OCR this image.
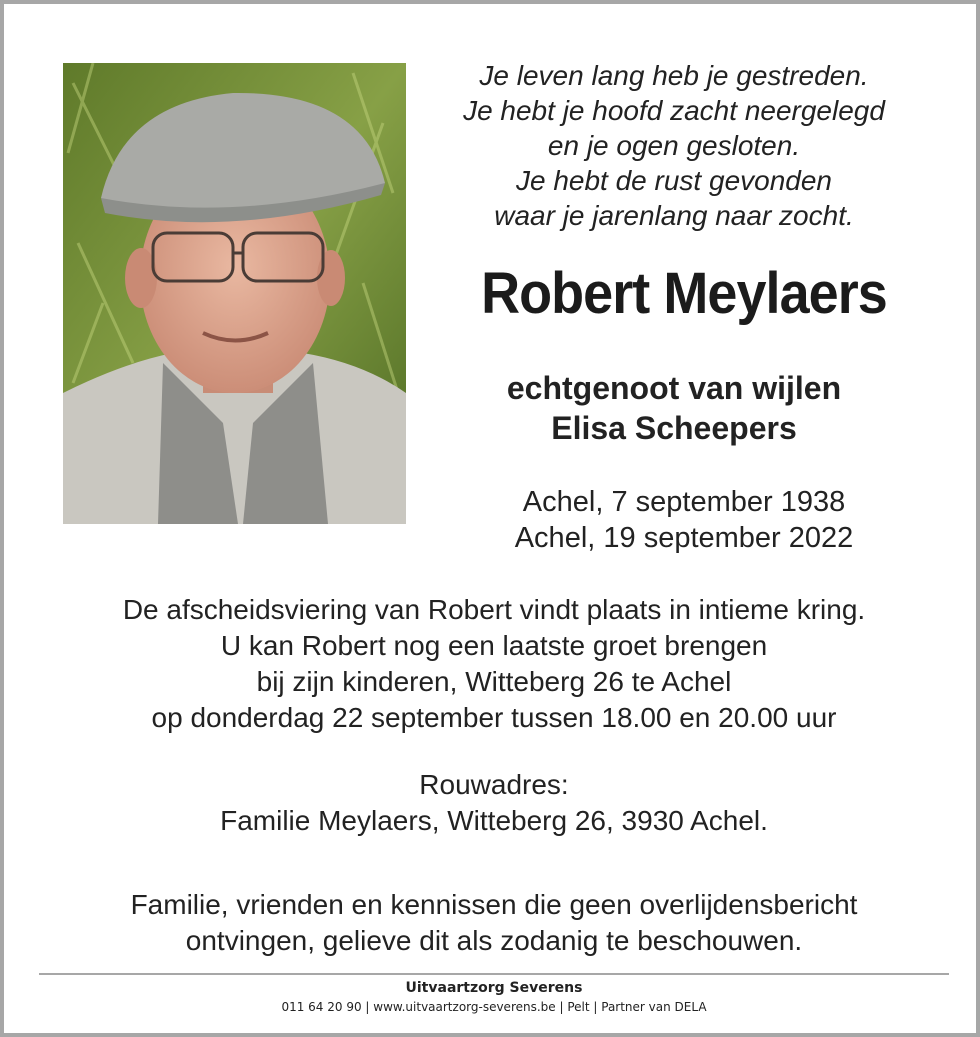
Je leven lang heb je gestreden.
Je hebt je hoofd zacht neergelegd
en je ogen gesloten.
Je hebt de rust gevonden
waar je jarenlang naar zocht.
Robert Meylaers
echtgenoot van wijlen
Elisa Scheepers
Achel, 7 september 1938
Achel, 19 september 2022
De afscheidsviering van Robert vindt plaats in intieme kring.
U kan Robert nog een laatste groet brengen
bij zijn kinderen, Witteberg 26 te Achel
op donderdag 22 september tussen 18.00 en 20.00 uur
Rouwadres:
Familie Meylaers, Witteberg 26, 3930 Achel.
Familie, vrienden en kennissen die geen overlijdensbericht
ontvingen, gelieve dit als zodanig te beschouwen.
Uitvaartzorg Severens
011 64 20 90 | www.uitvaartzorg-severens.be | Pelt | Partner van DELA
